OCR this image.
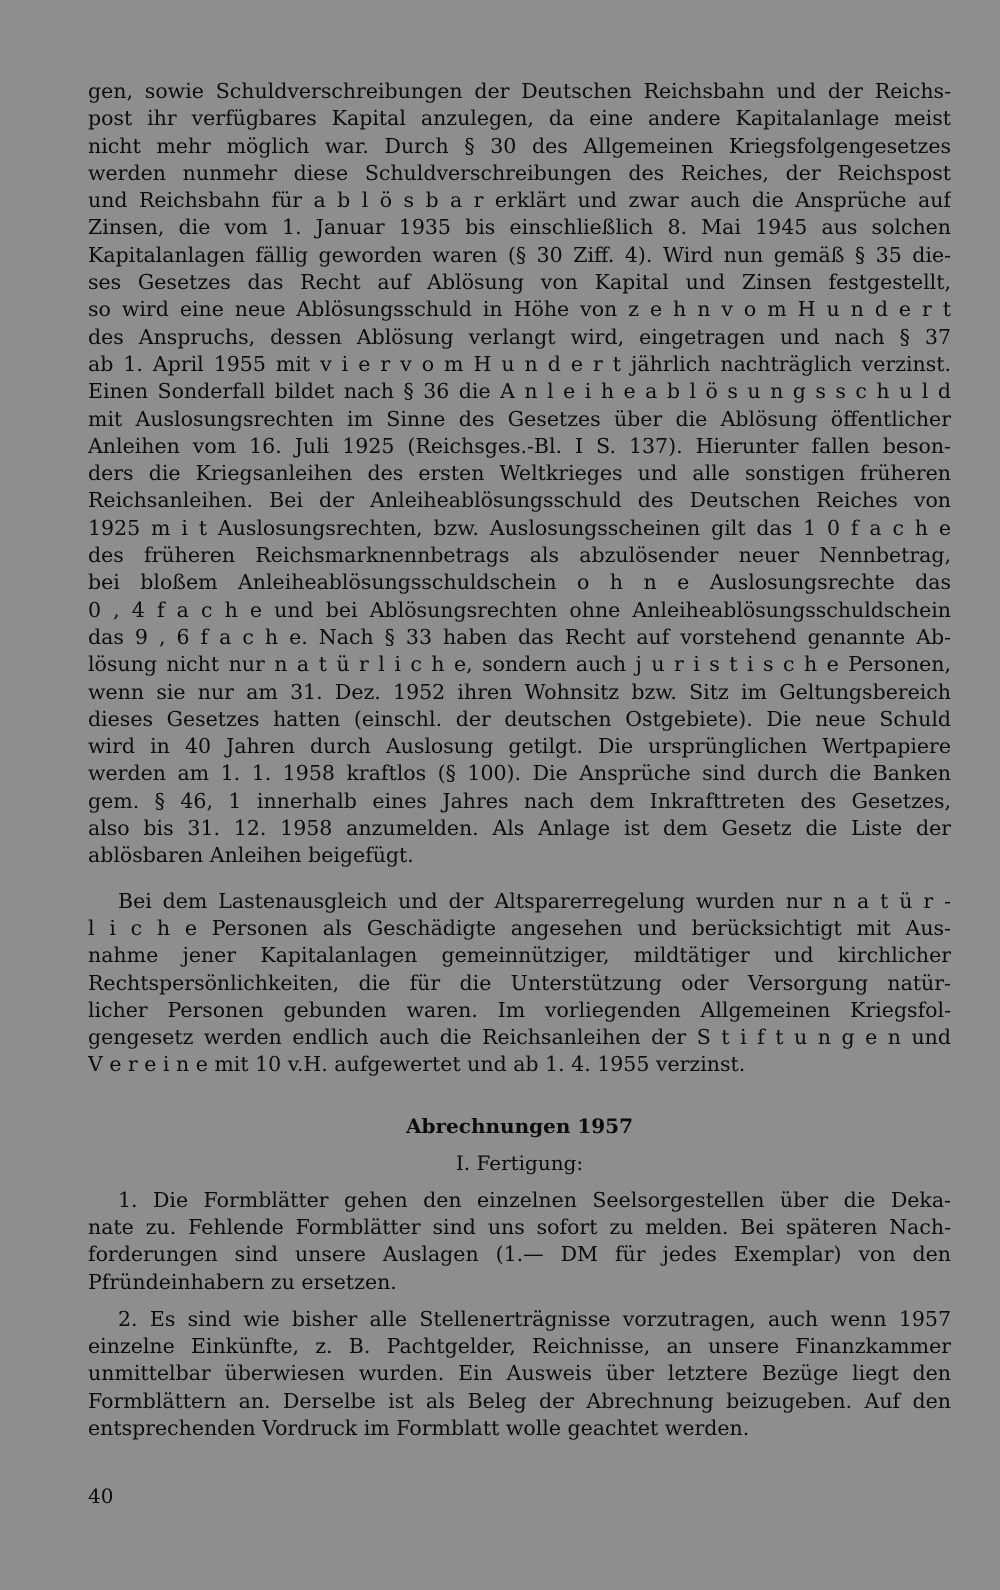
gen, sowie Schuldverschreibungen der Deutschen Reichsbahn und der Reichs-
post ihr verfügbares Kapital anzulegen, da eine andere Kapitalanlage meist
nicht mehr möglich war. Durch § 30 des Allgemeinen Kriegsfolgengesetzes
werden nunmehr diese Schuldverschreibungen des Reiches, der Reichspost
und Reichsbahn für a b l ö s b a r erklärt und zwar auch die Ansprüche auf
Zinsen, die vom 1. Januar 1935 bis einschließlich 8. Mai 1945 aus solchen
Kapitalanlagen fällig geworden waren (§ 30 Ziff. 4). Wird nun gemäß § 35 die-
ses Gesetzes das Recht auf Ablösung von Kapital und Zinsen festgestellt,
so wird eine neue Ablösungsschuld in Höhe von z e h n v o m H u n d e r t
des Anspruchs, dessen Ablösung verlangt wird, eingetragen und nach § 37
ab 1. April 1955 mit v i e r v o m H u n d e r t jährlich nachträglich verzinst.
Einen Sonderfall bildet nach § 36 die A n l e i h e a b l ö s u n g s s c h u l d
mit Auslosungsrechten im Sinne des Gesetzes über die Ablösung öffentlicher
Anleihen vom 16. Juli 1925 (Reichsges.-Bl. I S. 137). Hierunter fallen beson-
ders die Kriegsanleihen des ersten Weltkrieges und alle sonstigen früheren
Reichsanleihen. Bei der Anleiheablösungsschuld des Deutschen Reiches von
1925 m i t Auslosungsrechten, bzw. Auslosungsscheinen gilt das 1 0 f a c h e
des früheren Reichsmarknennbetrags als abzulösender neuer Nennbetrag,
bei bloßem Anleiheablösungsschuldschein o h n e Auslosungsrechte das
0 , 4 f a c h e und bei Ablösungsrechten ohne Anleiheablösungsschuldschein
das 9 , 6 f a c h e. Nach § 33 haben das Recht auf vorstehend genannte Ab-
lösung nicht nur n a t ü r l i c h e, sondern auch j u r i s t i s c h e Personen,
wenn sie nur am 31. Dez. 1952 ihren Wohnsitz bzw. Sitz im Geltungsbereich
dieses Gesetzes hatten (einschl. der deutschen Ostgebiete). Die neue Schuld
wird in 40 Jahren durch Auslosung getilgt. Die ursprünglichen Wertpapiere
werden am 1. 1. 1958 kraftlos (§ 100). Die Ansprüche sind durch die Banken
gem. § 46, 1 innerhalb eines Jahres nach dem Inkrafttreten des Gesetzes,
also bis 31. 12. 1958 anzumelden. Als Anlage ist dem Gesetz die Liste der
ablösbaren Anleihen beigefügt.

Bei dem Lastenausgleich und der Altsparerregelung wurden nur n a t ü r -
l i c h e Personen als Geschädigte angesehen und berücksichtigt mit Aus-
nahme jener Kapitalanlagen gemeinnütziger, mildtätiger und kirchlicher
Rechtspersönlichkeiten, die für die Unterstützung oder Versorgung natür-
licher Personen gebunden waren. Im vorliegenden Allgemeinen Kriegsfol-
gengesetz werden endlich auch die Reichsanleihen der S t i f t u n g e n und
V e r e i n e mit 10 v.H. aufgewertet und ab 1. 4. 1955 verzinst.

Abrechnungen 1957
I. Fertigung:

1. Die Formblätter gehen den einzelnen Seelsorgestellen über die Deka-
nate zu. Fehlende Formblätter sind uns sofort zu melden. Bei späteren Nach-
forderungen sind unsere Auslagen (1.— DM für jedes Exemplar) von den
Pfründeinhabern zu ersetzen.

2. Es sind wie bisher alle Stellenerträgnisse vorzutragen, auch wenn 1957
einzelne Einkünfte, z. B. Pachtgelder, Reichnisse, an unsere Finanzkammer
unmittelbar überwiesen wurden. Ein Ausweis über letztere Bezüge liegt den
Formblättern an. Derselbe ist als Beleg der Abrechnung beizugeben. Auf den
entsprechenden Vordruck im Formblatt wolle geachtet werden.

40
